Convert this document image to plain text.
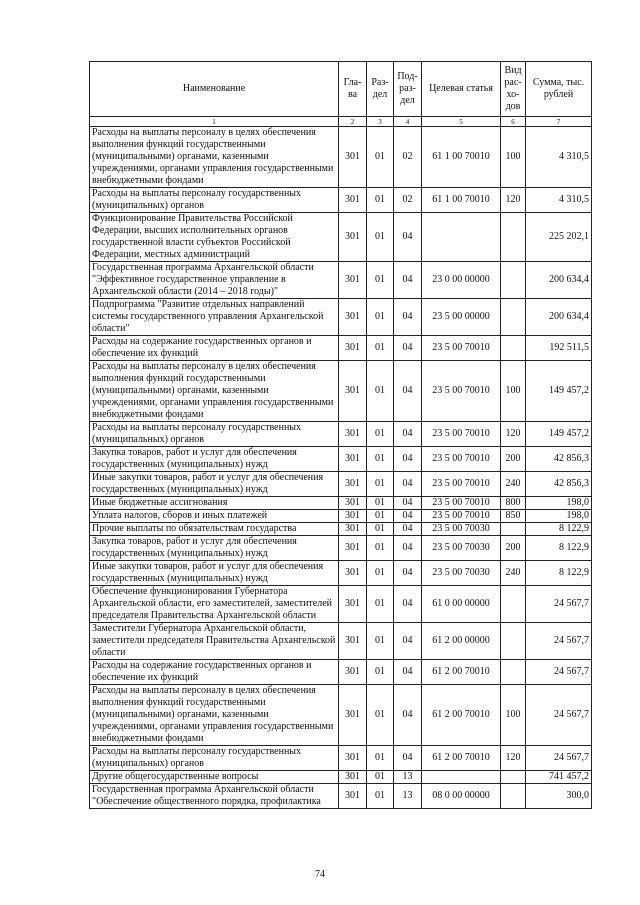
Наименование	Гла-ва	Раз-дел	Под-раз-дел	Целевая статья	Вид рас-хо-дов	Сумма, тыс. рублей
1	2	3	4	5	6	7
Расходы на выплаты персоналу в целях обеспечения выполнения функций государственными (муниципальными) органами, казенными учреждениями, органами управления государственными внебюджетными фондами	301	01	02	61 1 00 70010	100	4 310,5
Расходы на выплаты персоналу государственных (муниципальных) органов	301	01	02	61 1 00 70010	120	4 310,5
Функционирование Правительства Российской Федерации, высших исполнительных органов государственной власти субъектов Российской Федерации, местных администраций	301	01	04			225 202,1
Государственная программа Архангельской области "Эффективное государственное управление в Архангельской области (2014 – 2018 годы)"	301	01	04	23 0 00 00000		200 634,4
Подпрограмма "Развитие отдельных направлений системы государственного управления Архангельской области"	301	01	04	23 5 00 00000		200 634,4
Расходы на содержание государственных органов и обеспечение их функций	301	01	04	23 5 00 70010		192 511,5
Расходы на выплаты персоналу в целях обеспечения выполнения функций государственными (муниципальными) органами, казенными учреждениями, органами управления государственными внебюджетными фондами	301	01	04	23 5 00 70010	100	149 457,2
Расходы на выплаты персоналу государственных (муниципальных) органов	301	01	04	23 5 00 70010	120	149 457,2
Закупка товаров, работ и услуг для обеспечения государственных (муниципальных) нужд	301	01	04	23 5 00 70010	200	42 856,3
Иные закупки товаров, работ и услуг для обеспечения государственных (муниципальных) нужд	301	01	04	23 5 00 70010	240	42 856,3
Иные бюджетные ассигнования	301	01	04	23 5 00 70010	800	198,0
Уплата налогов, сборов и иных платежей	301	01	04	23 5 00 70010	850	198,0
Прочие выплаты по обязательствам государства	301	01	04	23 5 00 70030		8 122,9
Закупка товаров, работ и услуг для обеспечения государственных (муниципальных) нужд	301	01	04	23 5 00 70030	200	8 122,9
Иные закупки товаров, работ и услуг для обеспечения государственных (муниципальных) нужд	301	01	04	23 5 00 70030	240	8 122,9
Обеспечение функционирования Губернатора Архангельской области, его заместителей, заместителей председателя Правительства Архангельской области	301	01	04	61 0 00 00000		24 567,7
Заместители Губернатора Архангельской области, заместители председателя Правительства Архангельской области	301	01	04	61 2 00 00000		24 567,7
Расходы на содержание государственных органов и обеспечение их функций	301	01	04	61 2 00 70010		24 567,7
Расходы на выплаты персоналу в целях обеспечения выполнения функций государственными (муниципальными) органами, казенными учреждениями, органами управления государственными внебюджетными фондами	301	01	04	61 2 00 70010	100	24 567,7
Расходы на выплаты персоналу государственных (муниципальных) органов	301	01	04	61 2 00 70010	120	24 567,7
Другие общегосударственные вопросы	301	01	13			741 457,2
Государственная программа Архангельской области "Обеспечение общественного порядка, профилактика	301	01	13	08 0 00 00000		300,0
74
